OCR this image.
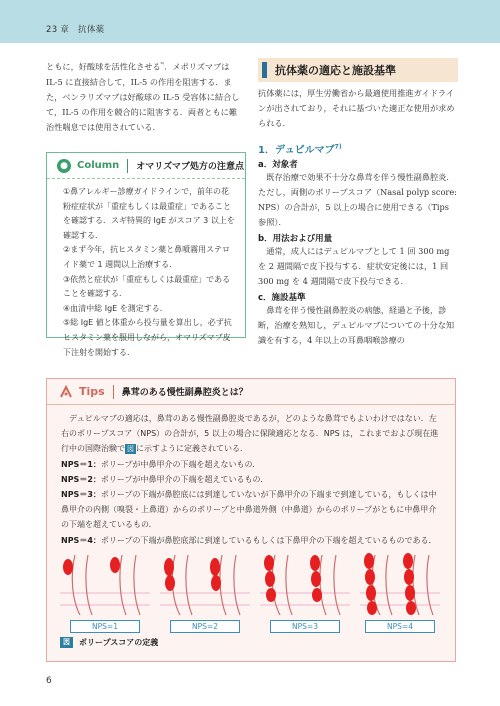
23 章　抗体薬

ともに，好酸球を活性化させる$^{^{6)}}$．メポリズマブは IL-5 に直接結合して，IL-5 の作用を阻害する．また，ベンラリズマブは好酸球の IL-5 受容体に結合して，IL-5 の作用を競合的に阻害する．両者ともに難治性喘息では使用されている．

● Column オマリズマブ処方の注意点

①鼻アレルギー診療ガイドラインで，前年の花粉症症状が「重症もしくは最重症」であることを確認する．スギ特異的 IgE がスコア 3 以上を確認する．

②まず今年，抗ヒスタミン薬と鼻噴霧用ステロイド薬で 1 週間以上治療する．

③依然と症状が「重症もしくは最重症」であることを確認する．

④血清中総 IgE を測定する．

⑤総 IgE 値と体重から投与量を算出し，必ず抗ヒスタミン薬を服用しながら，オマリズマブ皮下注射を開始する．

抗体薬の適応と施設基準

抗体薬には，厚生労働省から最適使用推進ガイドラインが出されており，それに基づいた適正な使用が求められる．

1．デュピルマブ$^{7)}$
a．対象者

既存治療で効果不十分な鼻茸を伴う慢性副鼻腔炎．ただし，両側のポリープスコア（Nasal polyp score: NPS）の合計が，5 以上の場合に使用できる（Tips 参照）．

b．用法および用量

通常，成人にはデュピルマブとして 1 回 300 mg を 2 週間隔で皮下投与する．症状安定後には，1 回 300 mg を 4 週間隔で皮下投与できる．

c．施設基準

鼻茸を伴う慢性副鼻腔炎の病態，経過と予後，診断，治療を熟知し，デュピルマブについての十分な知識を有する，4 年以上の耳鼻咽喉診療の

Tips 鼻茸のある慢性副鼻腔炎とは？

　デュピルマブの適応は，鼻茸のある慢性副鼻腔炎であるが，どのような鼻茸でもよいわけではない．左右のポリープスコア（NPS）の合計が，5 以上の場合に保険適応となる．NPS は，これまでおよび現在進行中の国際治験で 図 に示すように定義されている．

NPS＝1：ポリープが中鼻甲介の下端を超えないもの．

NPS＝2：ポリープが中鼻甲介の下端を超えているもの．

NPS＝3：ポリープの下端が鼻腔底には到達していないが下鼻甲介の下端まで到達している，もしくは中鼻甲介の内側（嗅裂・上鼻道）からのポリープと中鼻道外側（中鼻道）からのポリープがともに中鼻甲介の下端を超えているもの．

NPS＝4：ポリープの下端が鼻腔底部に到達しているもしくは下鼻甲介の下端を超えているものである．

NPS=1	NPS=2	NPS=3	NPS=4
図	ポリープスコアの定義
6
